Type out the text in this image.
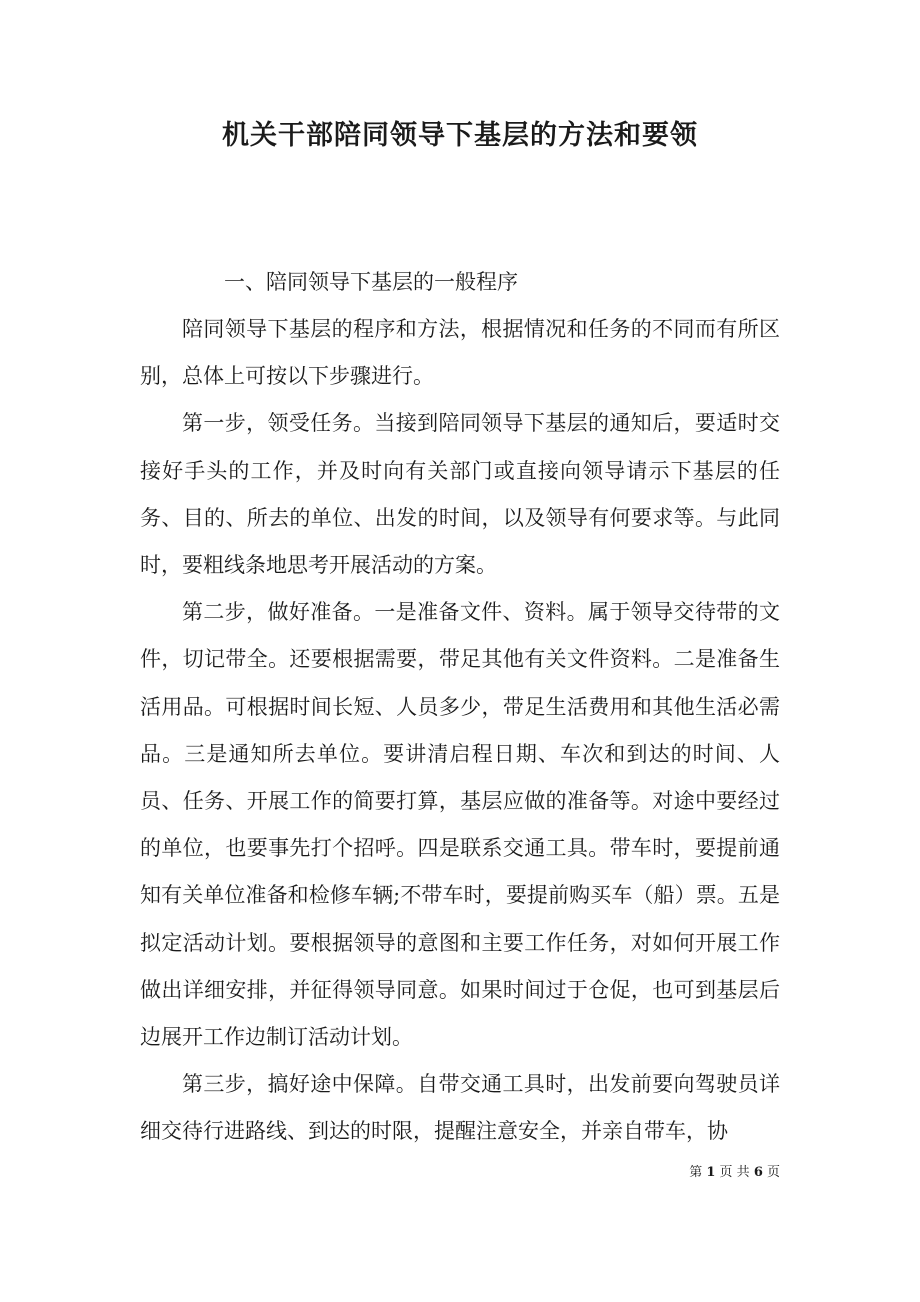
机关干部陪同领导下基层的方法和要领

一、陪同领导下基层的一般程序

陪同领导下基层的程序和方法，根据情况和任务的不同而有所区别，总体上可按以下步骤进行。

第一步，领受任务。当接到陪同领导下基层的通知后，要适时交接好手头的工作，并及时向有关部门或直接向领导请示下基层的任务、目的、所去的单位、出发的时间，以及领导有何要求等。与此同时，要粗线条地思考开展活动的方案。

第二步，做好准备。一是准备文件、资料。属于领导交待带的文件，切记带全。还要根据需要，带足其他有关文件资料。二是准备生活用品。可根据时间长短、人员多少，带足生活费用和其他生活必需品。三是通知所去单位。要讲清启程日期、车次和到达的时间、人员、任务、开展工作的简要打算，基层应做的准备等。对途中要经过的单位，也要事先打个招呼。四是联系交通工具。带车时，要提前通知有关单位准备和检修车辆;不带车时，要提前购买车（船）票。五是拟定活动计划。要根据领导的意图和主要工作任务，对如何开展工作做出详细安排，并征得领导同意。如果时间过于仓促，也可到基层后边展开工作边制订活动计划。

第三步，搞好途中保障。自带交通工具时，出发前要向驾驶员详细交待行进路线、到达的时限，提醒注意安全，并亲自带车，协

第 1 页 共 6 页
